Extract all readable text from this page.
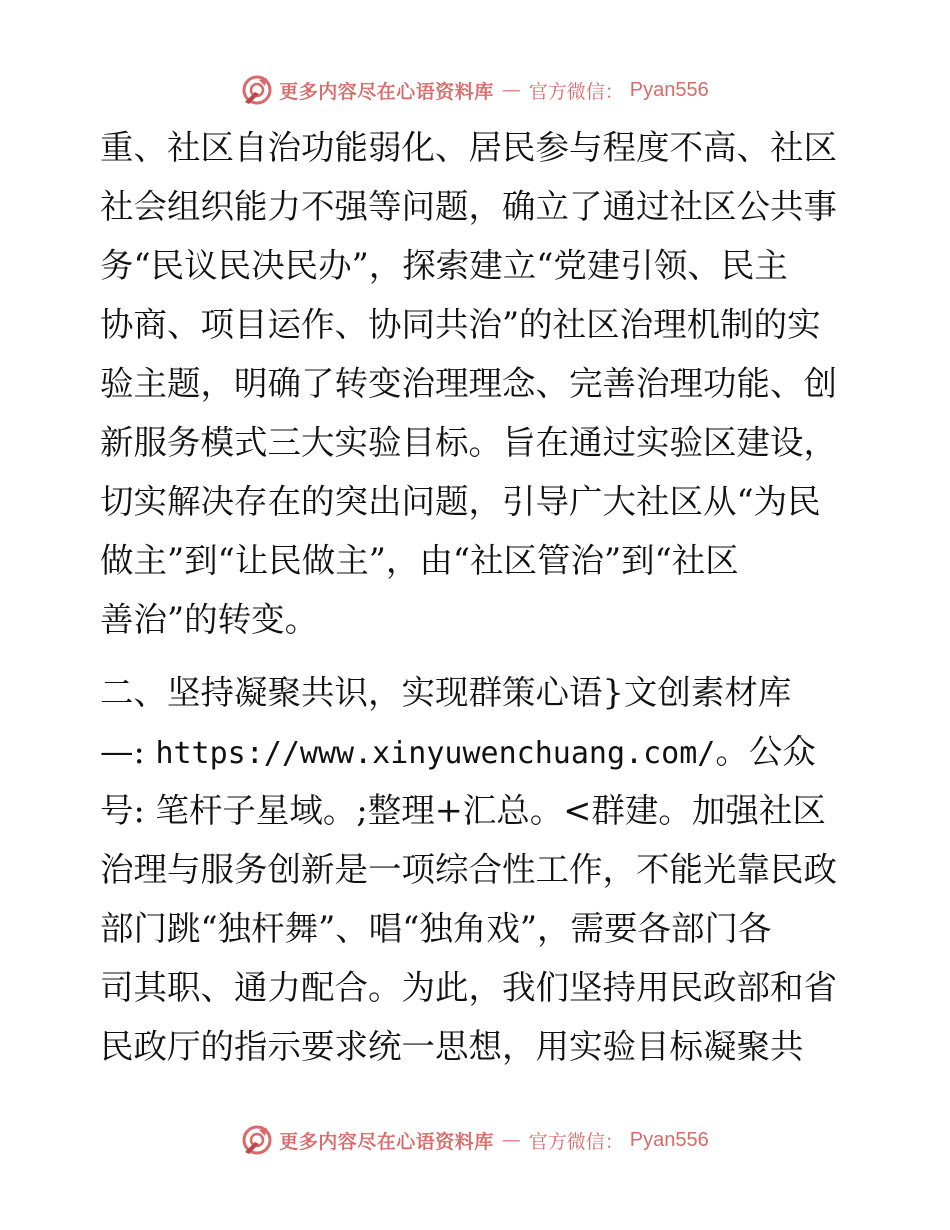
更多内容尽在心语资料库 — 官方微信： Pyan556
重、社区自治功能弱化、居民参与程度不高、社区
社会组织能力不强等问题，确立了通过社区公共事
务“民议民决民办”，探索建立“党建引领、民主
协商、项目运作、协同共治”的社区治理机制的实
验主题，明确了转变治理理念、完善治理功能、创
新服务模式三大实验目标。旨在通过实验区建设，
切实解决存在的突出问题，引导广大社区从“为民
做主”到“让民做主”，由“社区管治”到“社区
善治”的转变。
二、坚持凝聚共识，实现群策心语}文创素材库
—: https://www.xinyuwenchuang.com/。公众
号: 笔杆子星域。;整理+汇总。<群建。加强社区
治理与服务创新是一项综合性工作，不能光靠民政
部门跳“独杆舞”、唱“独角戏”，需要各部门各
司其职、通力配合。为此，我们坚持用民政部和省
民政厅的指示要求统一思想，用实验目标凝聚共
更多内容尽在心语资料库 — 官方微信： Pyan556
